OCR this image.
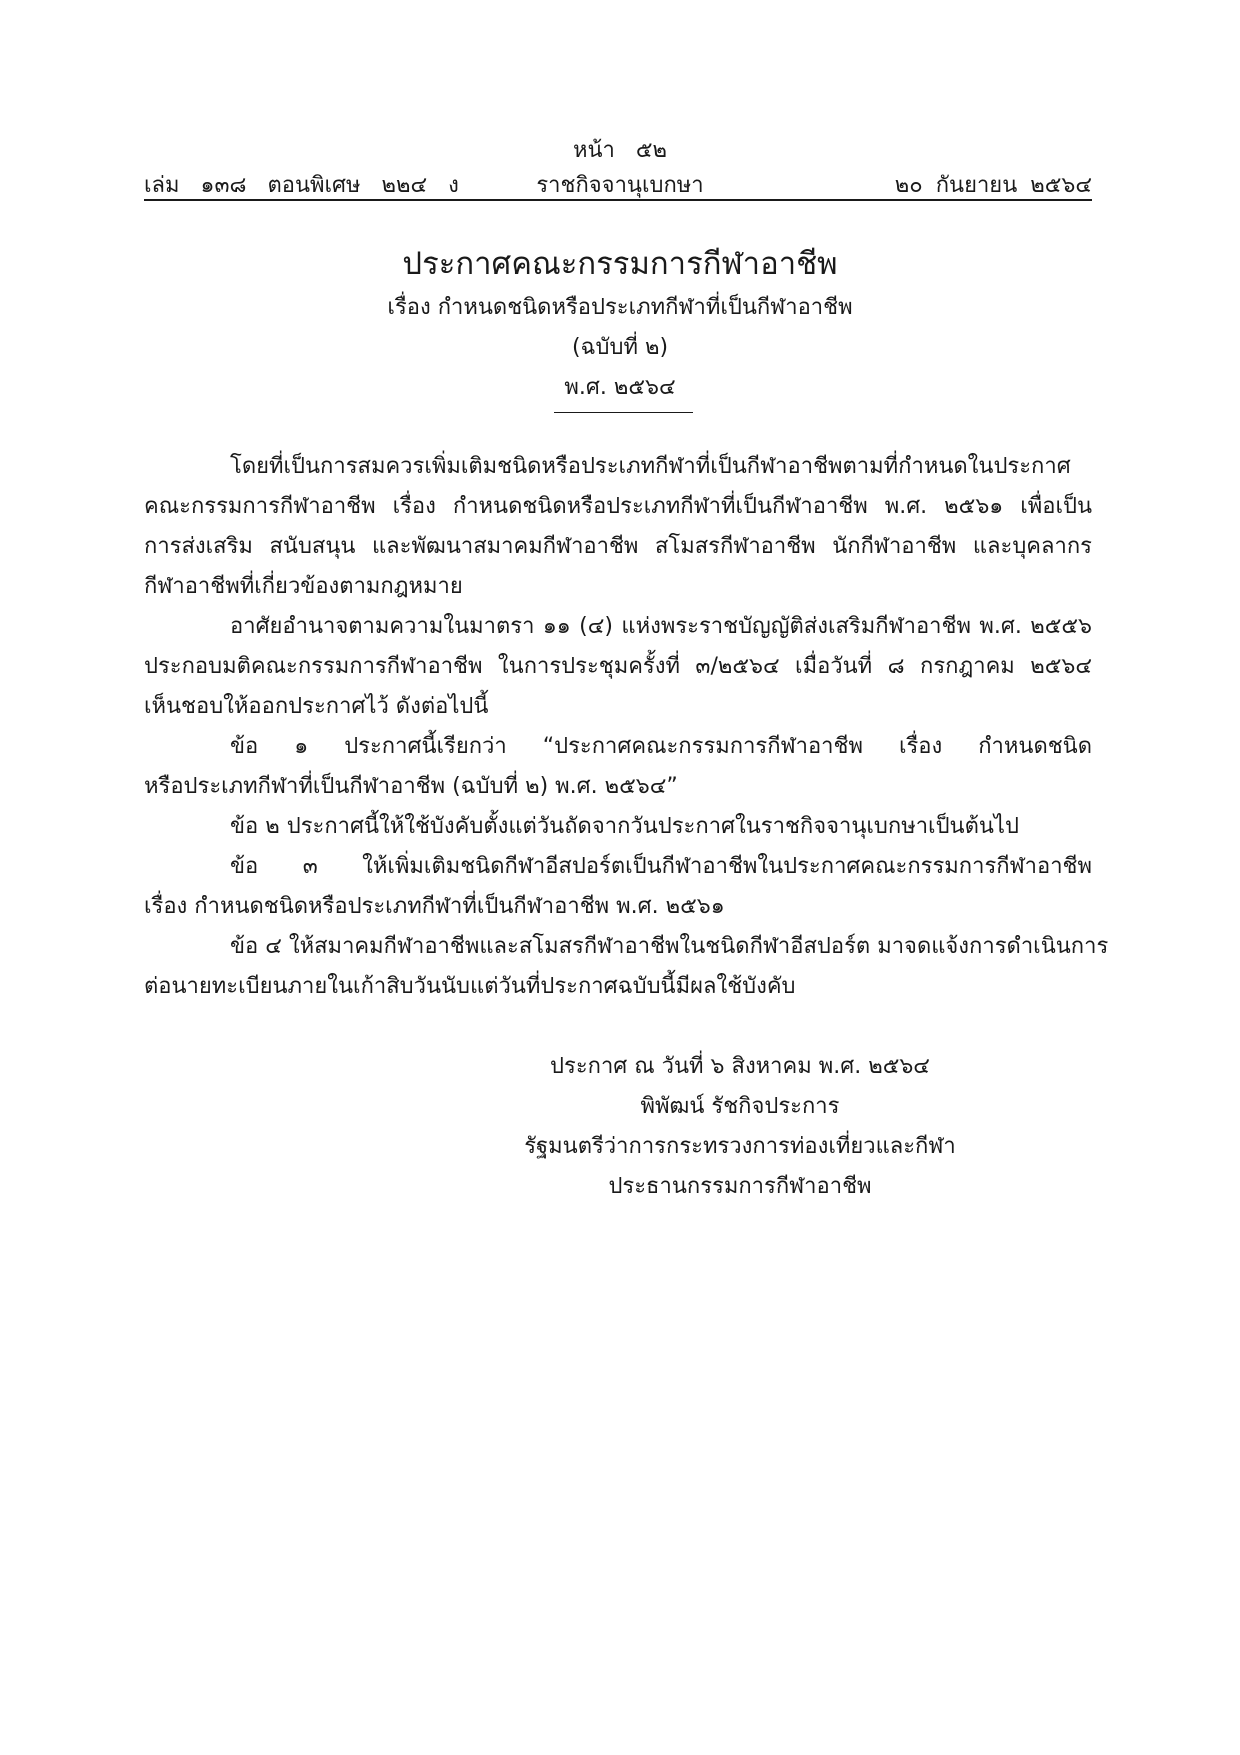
หน้า ๕๒
เล่ม ๑๓๘ ตอนพิเศษ ๒๒๔ ง	ราชกิจจานุเบกษา	๒๐ กันยายน ๒๕๖๔
ประกาศคณะกรรมการกีฬาอาชีพ
เรื่อง กำหนดชนิดหรือประเภทกีฬาที่เป็นกีฬาอาชีพ
(ฉบับที่ ๒)
พ.ศ. ๒๕๖๔
โดยที่เป็นการสมควรเพิ่มเติมชนิดหรือประเภทกีฬาที่เป็นกีฬาอาชีพตามที่กำหนดในประกาศ
คณะกรรมการกีฬาอาชีพ เรื่อง กำหนดชนิดหรือประเภทกีฬาที่เป็นกีฬาอาชีพ พ.ศ. ๒๕๖๑ เพื่อเป็น
การส่งเสริม สนับสนุน และพัฒนาสมาคมกีฬาอาชีพ สโมสรกีฬาอาชีพ นักกีฬาอาชีพ และบุคลากร
กีฬาอาชีพที่เกี่ยวข้องตามกฎหมาย
อาศัยอำนาจตามความในมาตรา ๑๑ (๔) แห่งพระราชบัญญัติส่งเสริมกีฬาอาชีพ พ.ศ. ๒๕๕๖
ประกอบมติคณะกรรมการกีฬาอาชีพ ในการประชุมครั้งที่ ๓/๒๕๖๔ เมื่อวันที่ ๘ กรกฎาคม ๒๕๖๔
เห็นชอบให้ออกประกาศไว้ ดังต่อไปนี้
ข้อ ๑ ประกาศนี้เรียกว่า “ประกาศคณะกรรมการกีฬาอาชีพ เรื่อง กำหนดชนิด
หรือประเภทกีฬาที่เป็นกีฬาอาชีพ (ฉบับที่ ๒) พ.ศ. ๒๕๖๔”
ข้อ ๒ ประกาศนี้ให้ใช้บังคับตั้งแต่วันถัดจากวันประกาศในราชกิจจานุเบกษาเป็นต้นไป
ข้อ ๓ ให้เพิ่มเติมชนิดกีฬาอีสปอร์ตเป็นกีฬาอาชีพในประกาศคณะกรรมการกีฬาอาชีพ
เรื่อง กำหนดชนิดหรือประเภทกีฬาที่เป็นกีฬาอาชีพ พ.ศ. ๒๕๖๑
ข้อ ๔ ให้สมาคมกีฬาอาชีพและสโมสรกีฬาอาชีพในชนิดกีฬาอีสปอร์ต มาจดแจ้งการดำเนินการ
ต่อนายทะเบียนภายในเก้าสิบวันนับแต่วันที่ประกาศฉบับนี้มีผลใช้บังคับ
ประกาศ ณ วันที่ ๖ สิงหาคม พ.ศ. ๒๕๖๔
พิพัฒน์ รัชกิจประการ
รัฐมนตรีว่าการกระทรวงการท่องเที่ยวและกีฬา
ประธานกรรมการกีฬาอาชีพ
